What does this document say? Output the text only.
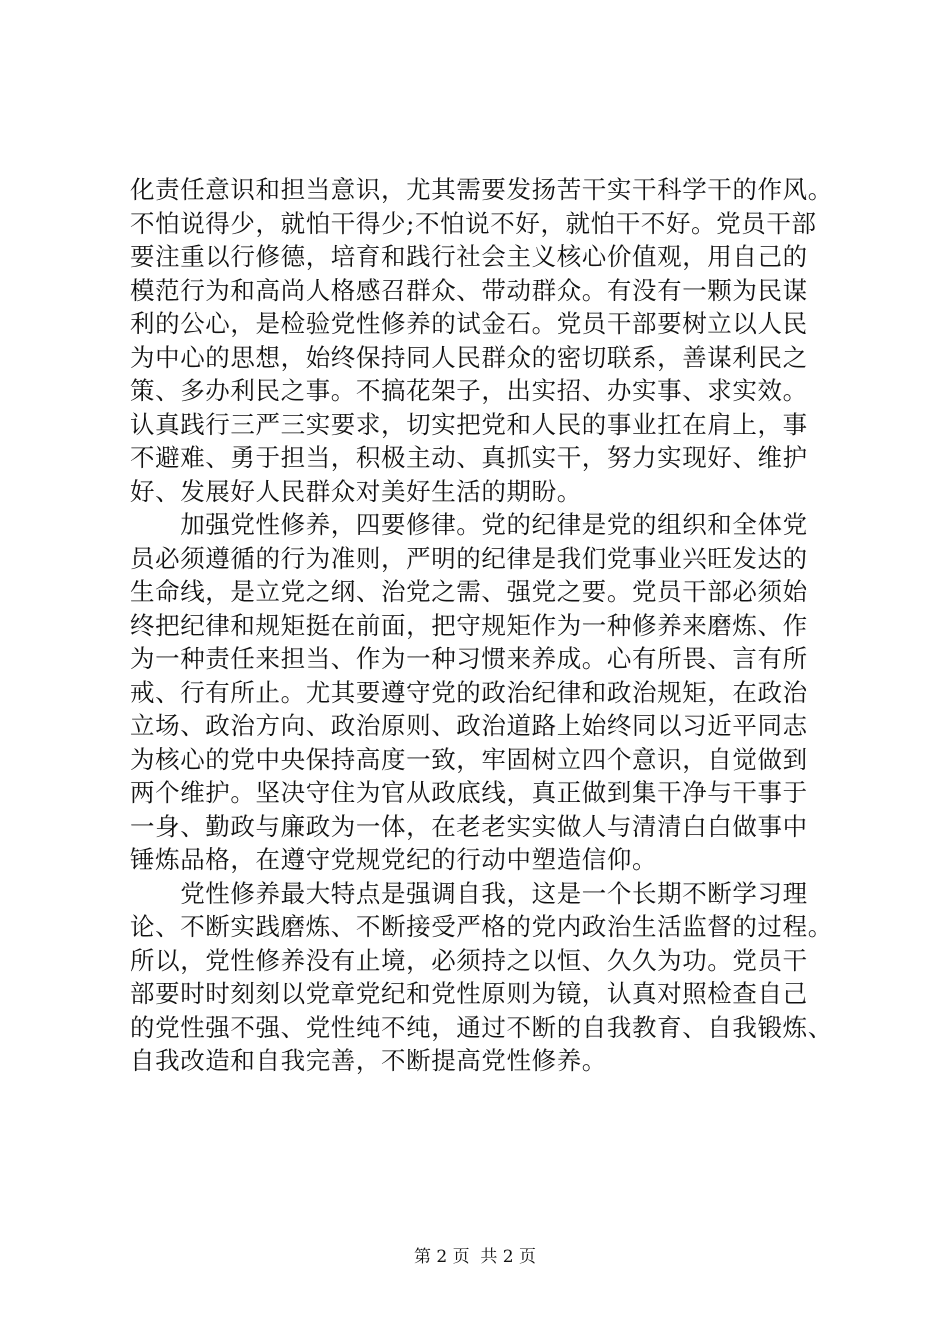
化责任意识和担当意识，尤其需要发扬苦干实干科学干的作风。
不怕说得少，就怕干得少;不怕说不好，就怕干不好。党员干部
要注重以行修德，培育和践行社会主义核心价值观，用自己的
模范行为和高尚人格感召群众、带动群众。有没有一颗为民谋
利的公心，是检验党性修养的试金石。党员干部要树立以人民
为中心的思想，始终保持同人民群众的密切联系，善谋利民之
策、多办利民之事。不搞花架子，出实招、办实事、求实效。
认真践行三严三实要求，切实把党和人民的事业扛在肩上，事
不避难、勇于担当，积极主动、真抓实干，努力实现好、维护
好、发展好人民群众对美好生活的期盼。
　　加强党性修养，四要修律。党的纪律是党的组织和全体党
员必须遵循的行为准则，严明的纪律是我们党事业兴旺发达的
生命线，是立党之纲、治党之需、强党之要。党员干部必须始
终把纪律和规矩挺在前面，把守规矩作为一种修养来磨炼、作
为一种责任来担当、作为一种习惯来养成。心有所畏、言有所
戒、行有所止。尤其要遵守党的政治纪律和政治规矩，在政治
立场、政治方向、政治原则、政治道路上始终同以习近平同志
为核心的党中央保持高度一致，牢固树立四个意识，自觉做到
两个维护。坚决守住为官从政底线，真正做到集干净与干事于
一身、勤政与廉政为一体，在老老实实做人与清清白白做事中
锤炼品格，在遵守党规党纪的行动中塑造信仰。
　　党性修养最大特点是强调自我，这是一个长期不断学习理
论、不断实践磨炼、不断接受严格的党内政治生活监督的过程。
所以，党性修养没有止境，必须持之以恒、久久为功。党员干
部要时时刻刻以党章党纪和党性原则为镜，认真对照检查自己
的党性强不强、党性纯不纯，通过不断的自我教育、自我锻炼、
自我改造和自我完善，不断提高党性修养。
第 2 页  共 2 页
